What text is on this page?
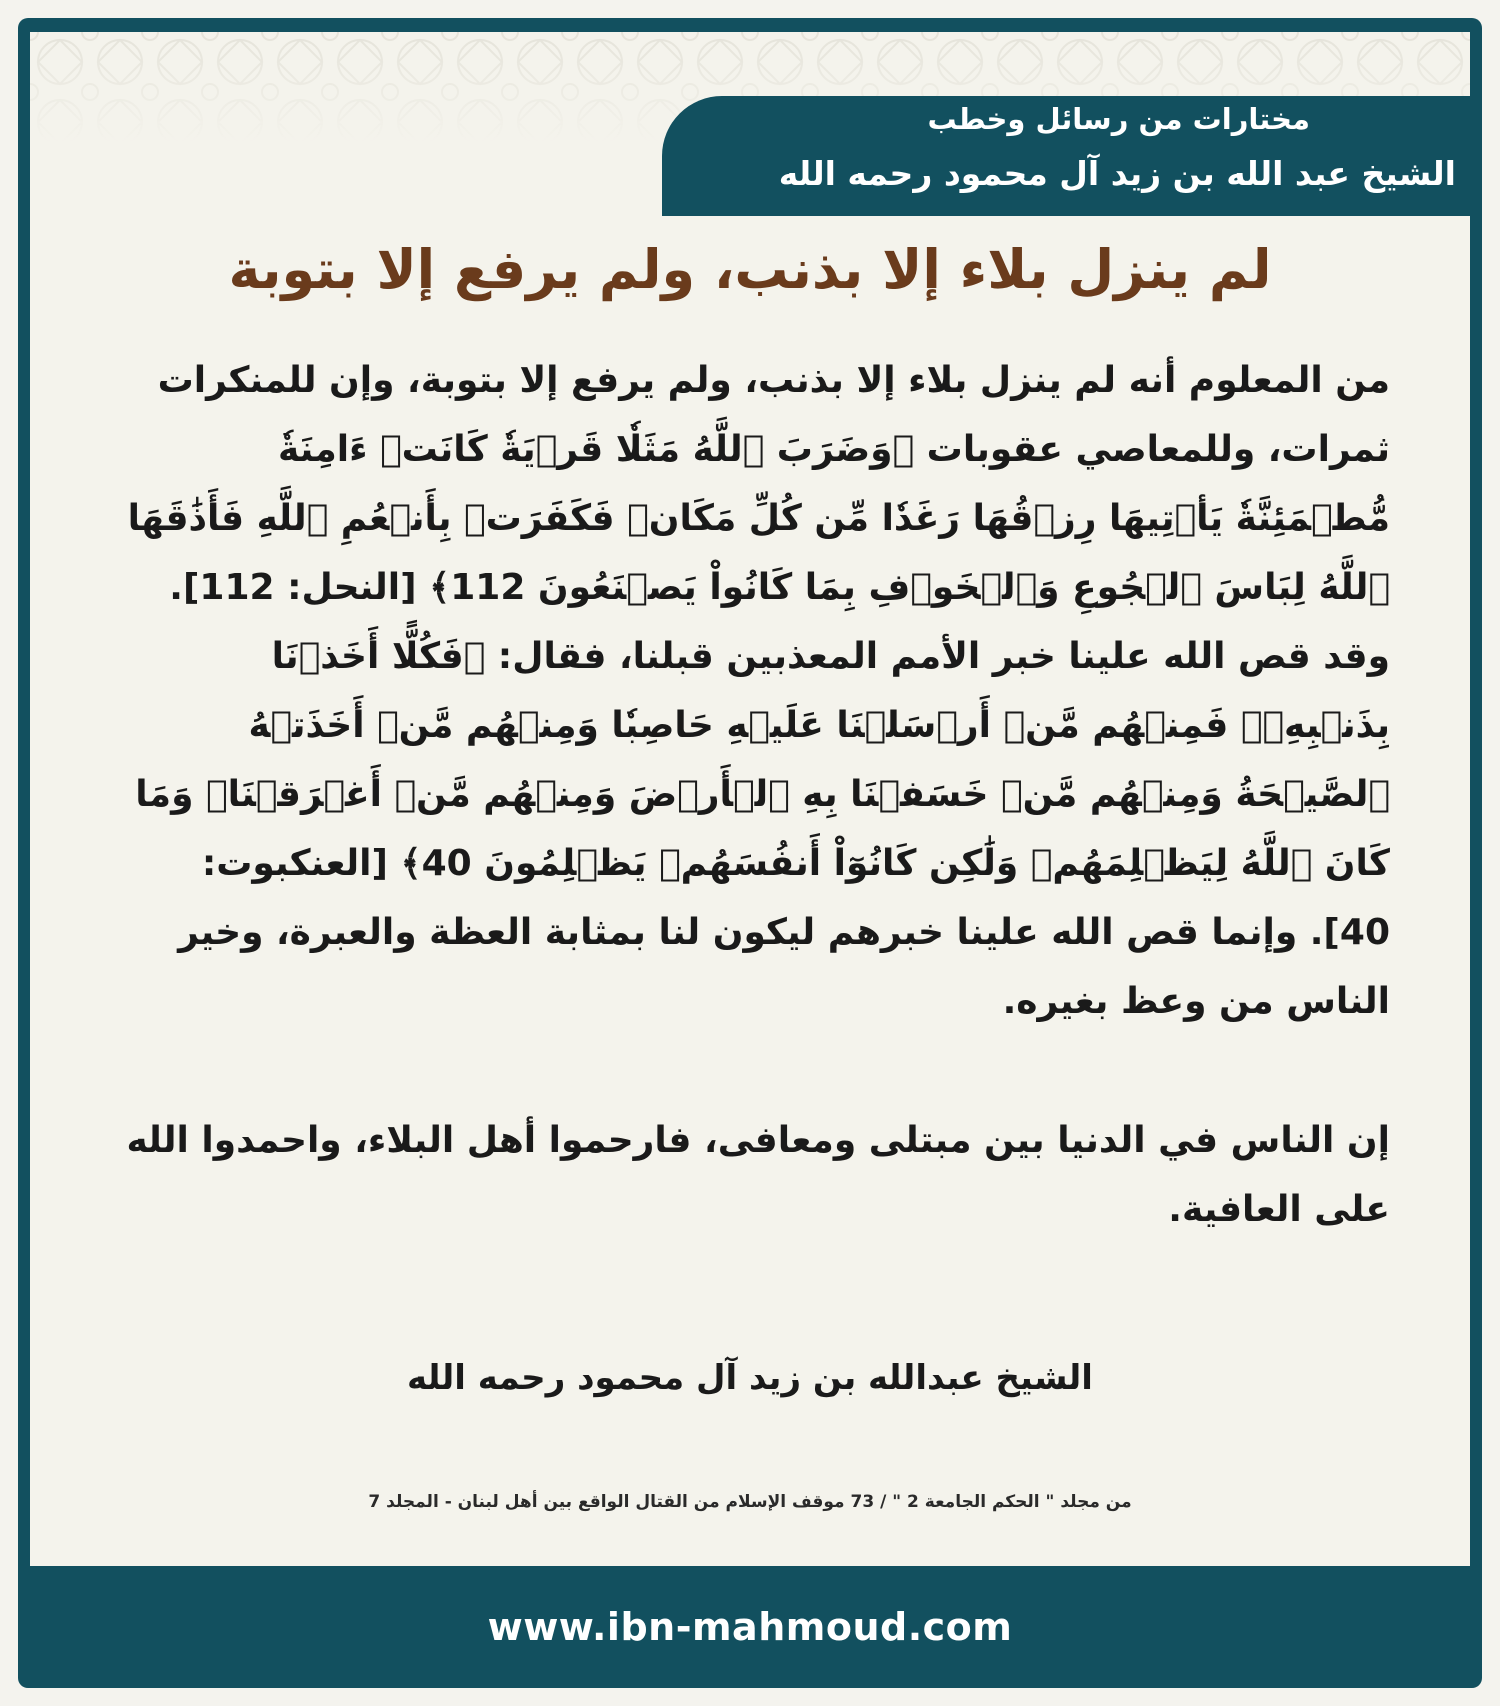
مختارات من رسائل وخطب
الشيخ عبد الله بن زيد آل محمود رحمه الله
لم ينزل بلاء إلا بذنب، ولم يرفع إلا بتوبة

من المعلوم أنه لم ينزل بلاء إلا بذنب، ولم يرفع إلا بتوبة، وإن للمنكرات ثمرات، وللمعاصي عقوبات ﴿وَضَرَبَ ٱللَّهُ مَثَلٗا قَرۡيَةٗ كَانَتۡ ءَامِنَةٗ مُّطۡمَئِنَّةٗ يَأۡتِيهَا رِزۡقُهَا رَغَدٗا مِّن كُلِّ مَكَانٖ فَكَفَرَتۡ بِأَنۡعُمِ ٱللَّهِ فَأَذَٰقَهَا ٱللَّهُ لِبَاسَ ٱلۡجُوعِ وَٱلۡخَوۡفِ بِمَا كَانُواْ يَصۡنَعُونَ 112﴾ [النحل: 112]. وقد قص الله علينا خبر الأمم المعذبين قبلنا، فقال: ﴿فَكُلًّا أَخَذۡنَا بِذَنۢبِهِۦۖ فَمِنۡهُم مَّنۡ أَرۡسَلۡنَا عَلَيۡهِ حَاصِبٗا وَمِنۡهُم مَّنۡ أَخَذَتۡهُ ٱلصَّيۡحَةُ وَمِنۡهُم مَّنۡ خَسَفۡنَا بِهِ ٱلۡأَرۡضَ وَمِنۡهُم مَّنۡ أَغۡرَقۡنَاۚ وَمَا كَانَ ٱللَّهُ لِيَظۡلِمَهُمۡ وَلَٰكِن كَانُوٓاْ أَنفُسَهُمۡ يَظۡلِمُونَ 40﴾ [العنكبوت: 40]. وإنما قص الله علينا خبرهم ليكون لنا بمثابة العظة والعبرة، وخير الناس من وعظ بغيره.

إن الناس في الدنيا بين مبتلى ومعافى، فارحموا أهل البلاء، واحمدوا الله على العافية.

الشيخ عبدالله بن زيد آل محمود رحمه الله
من مجلد " الحكم الجامعة 2 " / 73 موقف الإسلام من القتال الواقع بين أهل لبنان - المجلد 7
www.ibn-mahmoud.com
